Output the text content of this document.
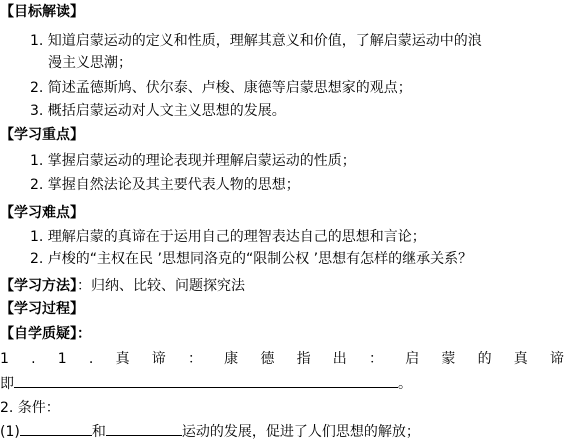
【目标解读】
1. 知道启蒙运动的定义和性质，理解其意义和价值，了解启蒙运动中的浪
漫主义思潮；
2. 简述孟德斯鸠、伏尔泰、卢梭、康德等启蒙思想家的观点；
3. 概括启蒙运动对人文主义思想的发展。
【学习重点】
1. 掌握启蒙运动的理论表现并理解启蒙运动的性质；
2. 掌握自然法论及其主要代表人物的思想；
【学习难点】
1. 理解启蒙的真谛在于运用自己的理智表达自己的思想和言论；
2. 卢梭的“主权在民 ’思想同洛克的“限制公权 ’思想有怎样的继承关系？
【学习方法】：归纳、比较、问题探究法
【学习过程】
【自学质疑】：
1 . 1 . 真 谛 ： 康 德 指 出 ： 启 蒙 的 真 谛
即	。
2. 条件：
(1)	和	运动的发展，促进了人们思想的解放；
